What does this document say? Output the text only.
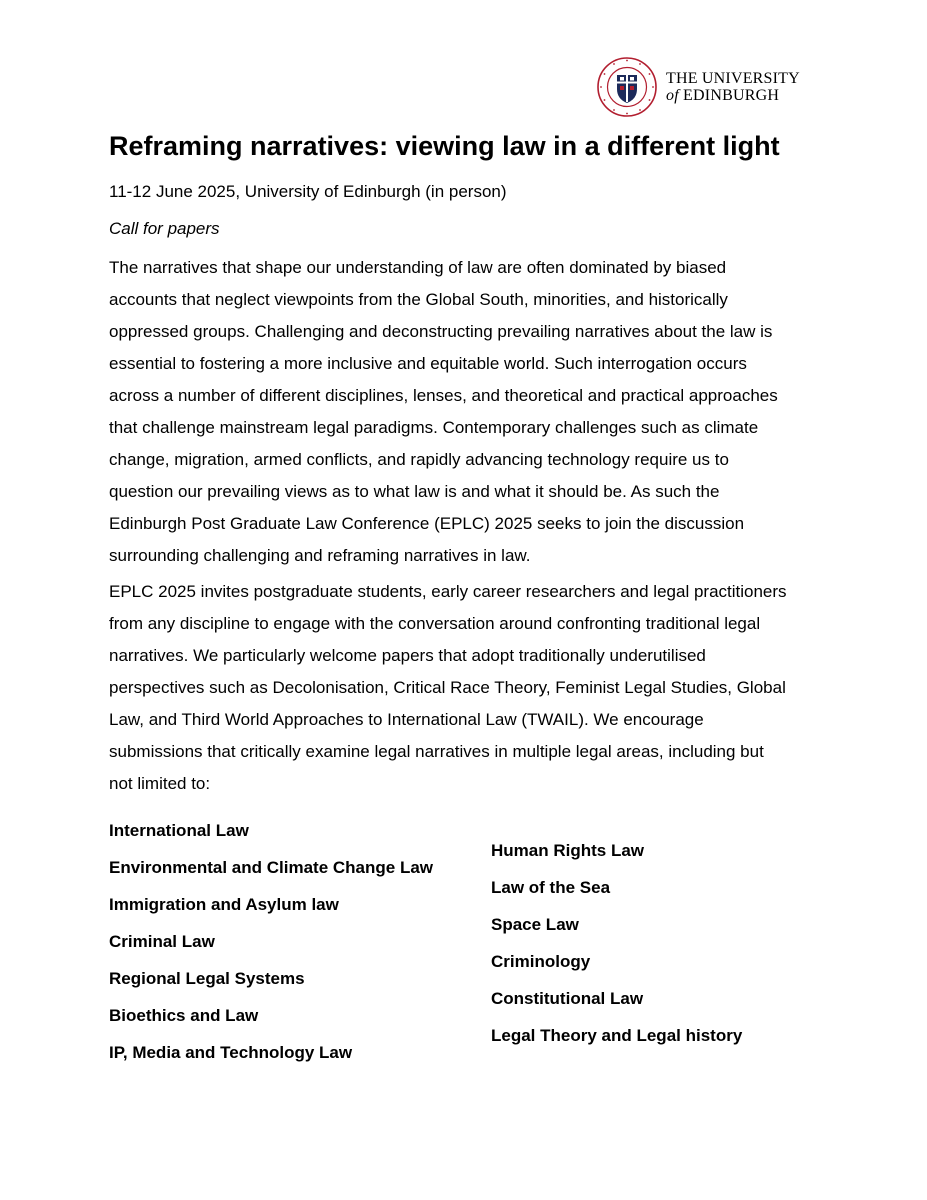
THE UNIVERSITY
of EDINBURGH
Reframing narratives: viewing law in a different light
11-12 June 2025, University of Edinburgh (in person)
Call for papers

The narratives that shape our understanding of law are often dominated by biased
accounts that neglect viewpoints from the Global South, minorities, and historically
oppressed groups. Challenging and deconstructing prevailing narratives about the law is
essential to fostering a more inclusive and equitable world. Such interrogation occurs
across a number of different disciplines, lenses, and theoretical and practical approaches
that challenge mainstream legal paradigms. Contemporary challenges such as climate
change, migration, armed conflicts, and rapidly advancing technology require us to
question our prevailing views as to what law is and what it should be. As such the
Edinburgh Post Graduate Law Conference (EPLC) 2025 seeks to join the discussion
surrounding challenging and reframing narratives in law.

EPLC 2025 invites postgraduate students, early career researchers and legal practitioners
from any discipline to engage with the conversation around confronting traditional legal
narratives. We particularly welcome papers that adopt traditionally underutilised
perspectives such as Decolonisation, Critical Race Theory, Feminist Legal Studies, Global
Law, and Third World Approaches to International Law (TWAIL). We encourage
submissions that critically examine legal narratives in multiple legal areas, including but
not limited to:

International Law
Environmental and Climate Change Law
Immigration and Asylum law
Criminal Law
Regional Legal Systems
Bioethics and Law
IP, Media and Technology Law
Human Rights Law
Law of the Sea
Space Law
Criminology
Constitutional Law
Legal Theory and Legal history
